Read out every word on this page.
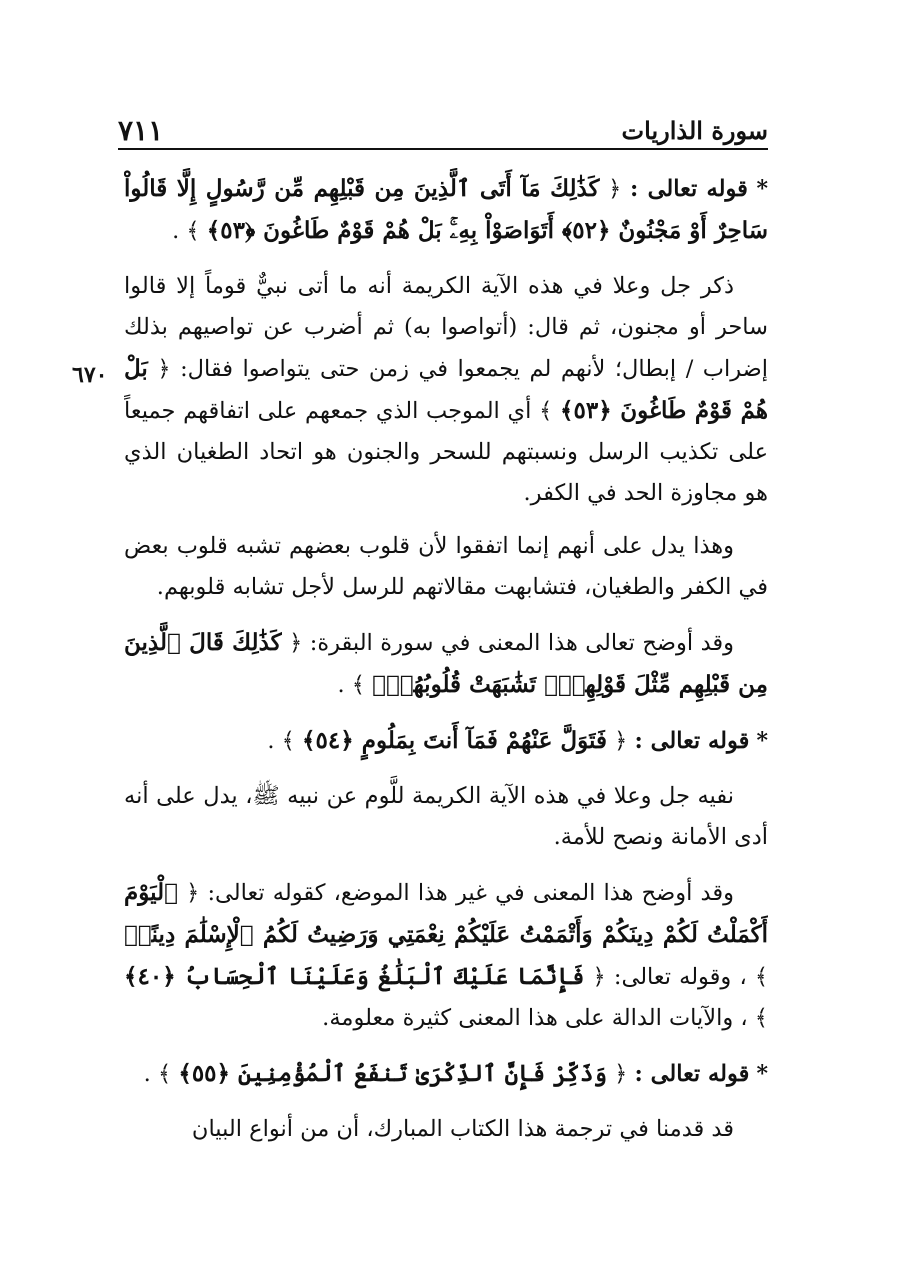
٧١١	سورة الذاريات
٦٧٠

* قوله تعالى : ﴿ كَذَٰلِكَ مَآ أَتَى ٱلَّذِينَ مِن قَبْلِهِم مِّن رَّسُولٍ إِلَّا قَالُواْ سَاحِرٌ أَوْ مَجْنُونٌ ﴿٥٢﴾ أَتَوَاصَوْاْ بِهِۦۚ بَلْ هُمْ قَوْمٌ طَاغُونَ ﴿٥٣﴾ ﴾ .

ذكر جل وعلا في هذه الآية الكريمة أنه ما أتى نبيٌّ قوماً إلا قالوا ساحر أو مجنون، ثم قال: (أتواصوا به) ثم أضرب عن تواصيهم بذلك إضراب / إبطال؛ لأنهم لم يجمعوا في زمن حتى يتواصوا فقال: ﴿ بَلْ هُمْ قَوْمٌ طَاغُونَ ﴿٥٣﴾ ﴾ أي الموجب الذي جمعهم على اتفاقهم جميعاً على تكذيب الرسل ونسبتهم للسحر والجنون هو اتحاد الطغيان الذي هو مجاوزة الحد في الكفر.

وهذا يدل على أنهم إنما اتفقوا لأن قلوب بعضهم تشبه قلوب بعض في الكفر والطغيان، فتشابهت مقالاتهم للرسل لأجل تشابه قلوبهم.

وقد أوضح تعالى هذا المعنى في سورة البقرة: ﴿ كَذَٰلِكَ قَالَ ٱلَّذِينَ مِن قَبْلِهِم مِّثْلَ قَوْلِهِمْۘ تَشَٰبَهَتْ قُلُوبُهُمْۗ ﴾ .

* قوله تعالى : ﴿ فَتَوَلَّ عَنْهُمْ فَمَآ أَنتَ بِمَلُومٍ ﴿٥٤﴾ ﴾ .

نفيه جل وعلا في هذه الآية الكريمة للَّوم عن نبيه ﷺ، يدل على أنه أدى الأمانة ونصح للأمة.

وقد أوضح هذا المعنى في غير هذا الموضع، كقوله تعالى: ﴿ ٱلْيَوْمَ أَكْمَلْتُ لَكُمْ دِينَكُمْ وَأَتْمَمْتُ عَلَيْكُمْ نِعْمَتِي وَرَضِيتُ لَكُمُ ٱلْإِسْلَٰمَ دِينًاۚ ﴾ ، وقوله تعالى: ﴿ فَإِنَّمَا عَلَيْكَ ٱلْبَلَٰغُ وَعَلَيْنَا ٱلْحِسَابُ ﴿٤٠﴾ ﴾ ، والآيات الدالة على هذا المعنى كثيرة معلومة.

* قوله تعالى : ﴿ وَذَكِّرْ فَإِنَّ ٱلذِّكْرَىٰ تَنفَعُ ٱلْمُؤْمِنِينَ ﴿٥٥﴾ ﴾ .

قد قدمنا في ترجمة هذا الكتاب المبارك، أن من أنواع البيان
